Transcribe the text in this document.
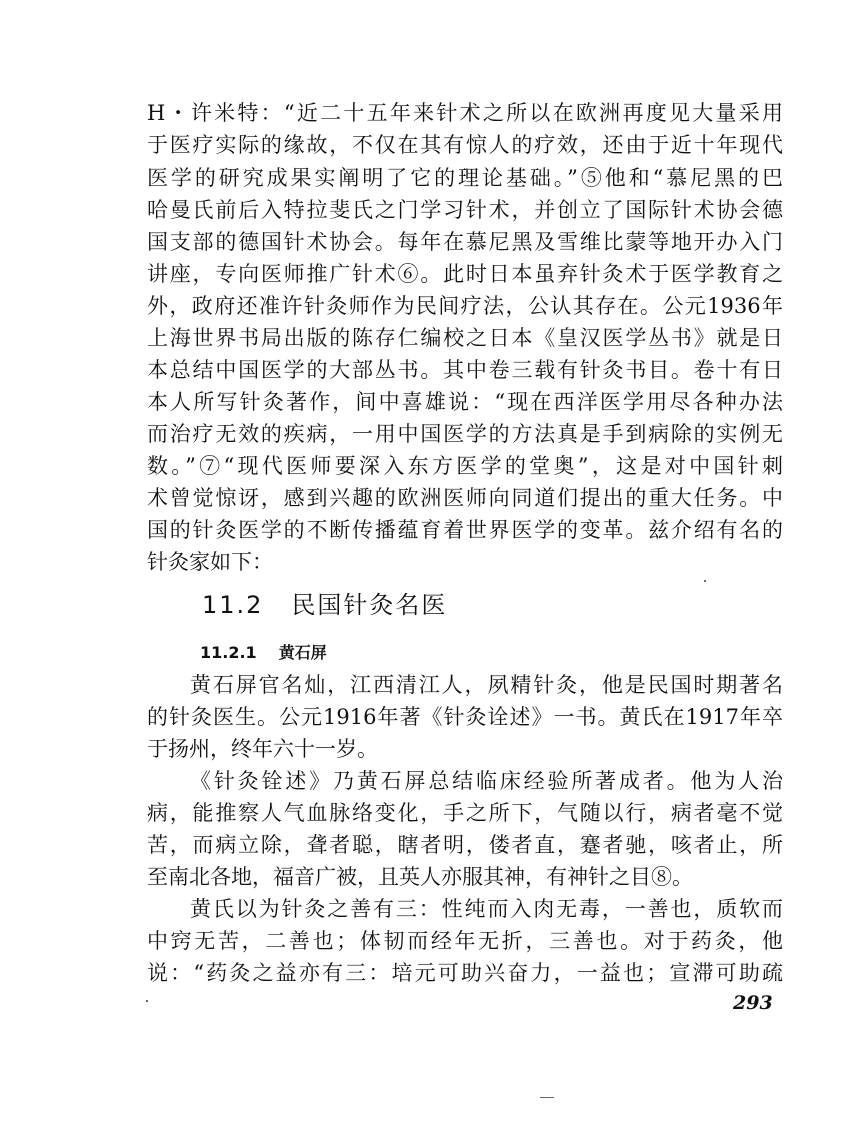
H・许米特：“近二十五年来针术之所以在欧洲再度见大量采用
于医疗实际的缘故，不仅在其有惊人的疗效，还由于近十年现代
医学的研究成果实阐明了它的理论基础。”⑤他和“慕尼黑的巴
哈曼氏前后入特拉斐氏之门学习针术，并创立了国际针术协会德
国支部的德国针术协会。每年在慕尼黑及雪维比蒙等地开办入门
讲座，专向医师推广针术⑥。此时日本虽弃针灸术于医学教育之
外，政府还准许针灸师作为民间疗法，公认其存在。公元1936年
上海世界书局出版的陈存仁编校之日本《皇汉医学丛书》就是日
本总结中国医学的大部丛书。其中卷三载有针灸书目。卷十有日
本人所写针灸著作，间中喜雄说：“现在西洋医学用尽各种办法
而治疗无效的疾病，一用中国医学的方法真是手到病除的实例无
数。”⑦“现代医师要深入东方医学的堂奥”，这是对中国针刺
术曾觉惊讶，感到兴趣的欧洲医师向同道们提出的重大任务。中
国的针灸医学的不断传播蕴育着世界医学的变革。兹介绍有名的
针灸家如下：
11.2 民国针灸名医
11.2.1 黄石屏
黄石屏官名灿，江西清江人，夙精针灸，他是民国时期著名
的针灸医生。公元1916年著《针灸诠述》一书。黄氏在1917年卒
于扬州，终年六十一岁。
《针灸铨述》乃黄石屏总结临床经验所著成者。他为人治
病，能推察人气血脉络变化，手之所下，气随以行，病者毫不觉
苦，而病立除，聋者聪，瞎者明，偻者直，蹇者驰，咳者止，所
至南北各地，福音广被，且英人亦服其神，有神针之目⑧。
黄氏以为针灸之善有三：性纯而入肉无毒，一善也，质软而
中窍无苦，二善也；体韧而经年无折，三善也。对于药灸，他
说：“药灸之益亦有三：培元可助兴奋力，一益也；宣滞可助疏
293
